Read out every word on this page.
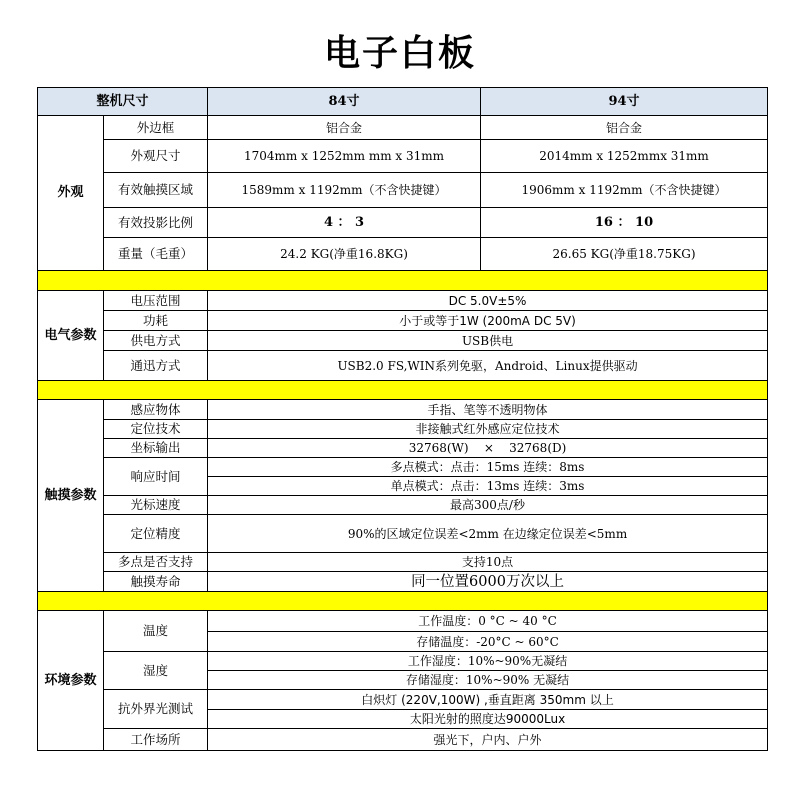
电子白板
整机尺寸		84寸	94寸
外观	外边框	铝合金	铝合金
	外观尺寸	1704mm x 1252mm mm x 31mm	2014mm x 1252mmx 31mm
	有效触摸区域	1589mm x 1192mm（不含快捷键）	1906mm x 1192mm（不含快捷键）
	有效投影比例	4 ： 3	16 ： 10
	重量（毛重）	24.2 KG(净重16.8KG)	26.65 KG(净重18.75KG)

电气参数	电压范围	DC 5.0V±5%	
	功耗	小于或等于1W (200mA DC 5V)	
	供电方式	USB供电	
	通迅方式	USB2.0 FS,WIN系列免驱，Android、Linux提供驱动	

触摸参数	感应物体	手指、笔等不透明物体	
	定位技术	非接触式红外感应定位技术	
	坐标输出	32768(W)    ×    32768(D)	
	响应时间	多点模式：点击：15ms 连续：8ms	
		单点模式：点击：13ms 连续：3ms	
	光标速度	最高300点/秒	
	定位精度	90%的区域定位误差<2mm 在边缘定位误差<5mm	
	多点是否支持	支持10点	
	触摸寿命	同一位置6000万次以上	

环境参数	温度	工作温度：0 °C ~ 40 °C	
		存储温度：-20°C ~ 60°C	
	湿度	工作湿度：10%~90%无凝结	
		存储湿度：10%~90% 无凝结	
	抗外界光测试	白炽灯 (220V,100W) ,垂直距离 350mm 以上	
		太阳光射的照度达90000Lux	
	工作场所	强光下，户内、户外	
